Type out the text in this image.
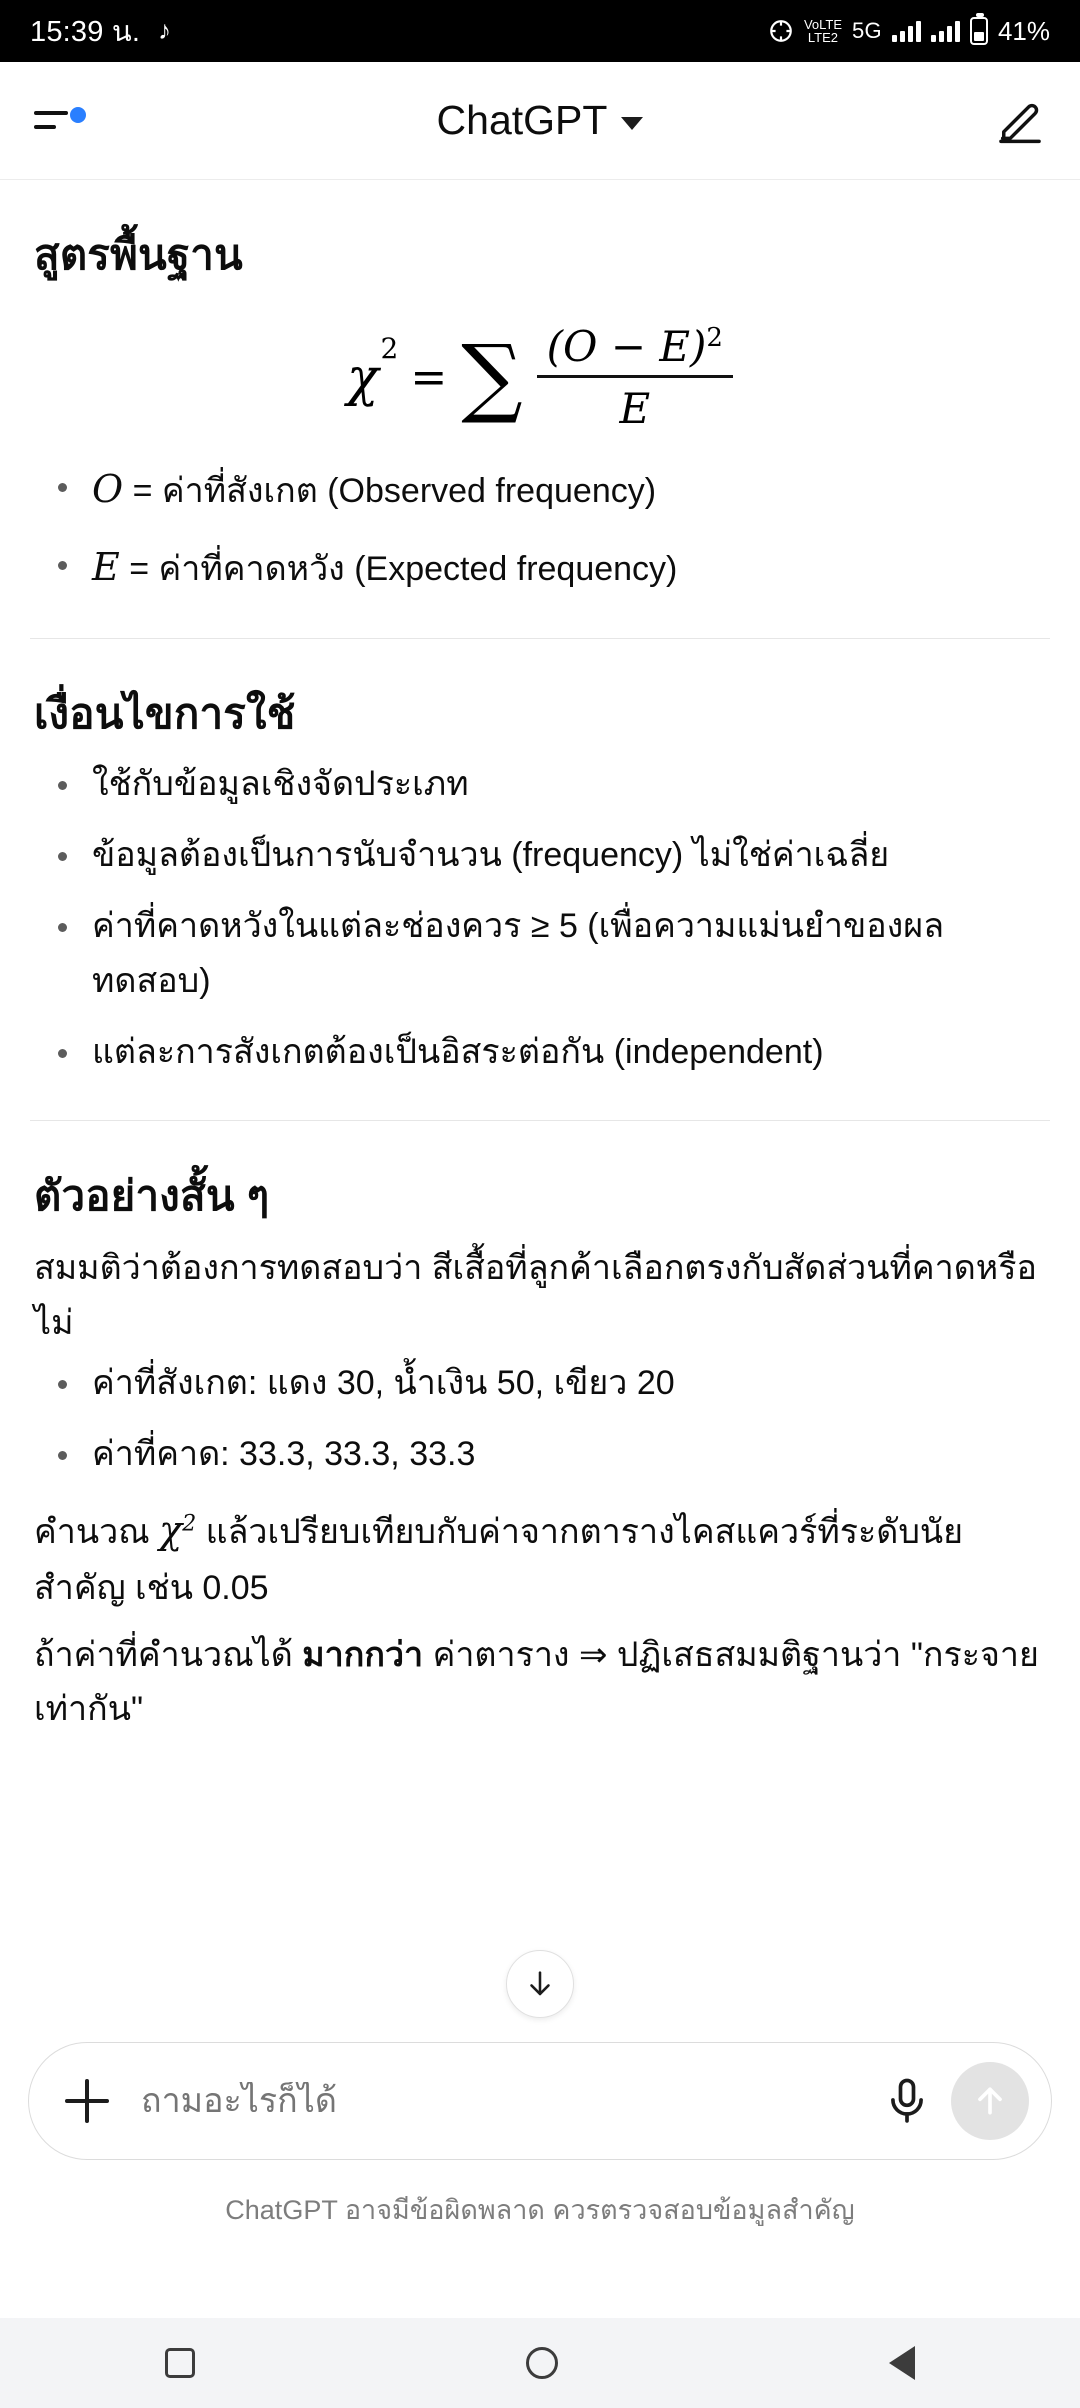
15:39 น. ♪	VoLTE
LTE2 5G	41%
ChatGPT
สูตรพื้นฐาน
$\chi^2$
= ∑ $\frac{(O - E)^2}{E}$
O = ค่าที่สังเกต (Observed frequency)
E = ค่าที่คาดหวัง (Expected frequency)
เงื่อนไขการใช้
ใช้กับข้อมูลเชิงจัดประเภท
ข้อมูลต้องเป็นการนับจำนวน (frequency) ไม่ใช่ค่าเฉลี่ย
ค่าที่คาดหวังในแต่ละช่องควร ≥ 5 (เพื่อความแม่นยำของผลทดสอบ)
แต่ละการสังเกตต้องเป็นอิสระต่อกัน (independent)
ตัวอย่างสั้น ๆ

สมมติว่าต้องการทดสอบว่า สีเสื้อที่ลูกค้าเลือกตรงกับสัดส่วนที่คาดหรือไม่

ค่าที่สังเกต: แดง 30, น้ำเงิน 50, เขียว 20
ค่าที่คาด: 33.3, 33.3, 33.3

คำนวณ $\chi^2$ แล้วเปรียบเทียบกับค่าจากตารางไคสแควร์ที่ระดับนัยสำคัญ เช่น 0.05

ถ้าค่าที่คำนวณได้ มากกว่า ค่าตาราง ⇒ ปฏิเสธสมมติฐานว่า "กระจายเท่ากัน"

ถามอะไรก็ได้
ChatGPT อาจมีข้อผิดพลาด ควรตรวจสอบข้อมูลสำคัญ
